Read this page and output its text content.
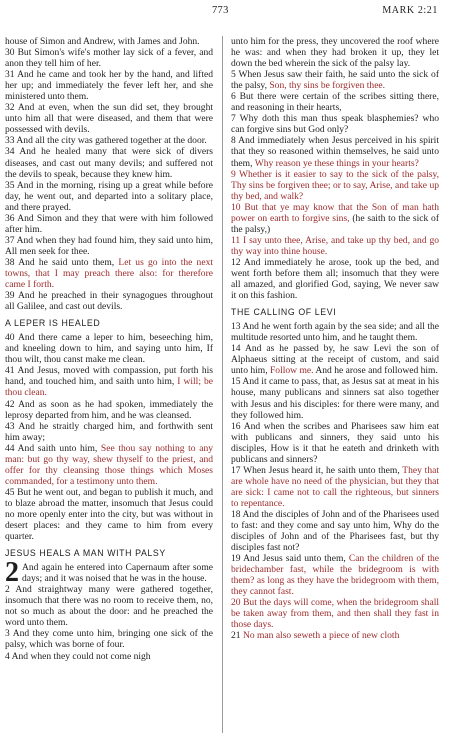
773	MARK 2:21

house of Simon and Andrew, with James and John.

30 But Simon's wife's mother lay sick of a fever, and anon they tell him of her.

31 And he came and took her by the hand, and lifted her up; and immediately the fever left her, and she ministered unto them.

32 And at even, when the sun did set, they brought unto him all that were diseased, and them that were possessed with devils.

33 And all the city was gathered together at the door.

34 And he healed many that were sick of divers diseases, and cast out many devils; and suffered not the devils to speak, because they knew him.

35 And in the morning, rising up a great while before day, he went out, and departed into a solitary place, and there prayed.

36 And Simon and they that were with him followed after him.

37 And when they had found him, they said unto him, All men seek for thee.

38 And he said unto them, Let us go into the next towns, that I may preach there also: for therefore came I forth.

39 And he preached in their synagogues throughout all Galilee, and cast out devils.

A LEPER IS HEALED

40 And there came a leper to him, beseeching him, and kneeling down to him, and saying unto him, If thou wilt, thou canst make me clean.

41 And Jesus, moved with compassion, put forth his hand, and touched him, and saith unto him, I will; be thou clean.

42 And as soon as he had spoken, immediately the leprosy departed from him, and he was cleansed.

43 And he straitly charged him, and forthwith sent him away;

44 And saith unto him, See thou say nothing to any man: but go thy way, shew thyself to the priest, and offer for thy cleansing those things which Moses commanded, for a testimony unto them.

45 But he went out, and began to publish it much, and to blaze abroad the matter, insomuch that Jesus could no more openly enter into the city, but was without in desert places: and they came to him from every quarter.

JESUS HEALS A MAN WITH PALSY

2 And again he entered into Capernaum after some days; and it was noised that he was in the house.

2 And straightway many were gathered together, insomuch that there was no room to receive them, no, not so much as about the door: and he preached the word unto them.

3 And they come unto him, bringing one sick of the palsy, which was borne of four.

4 And when they could not come nigh

unto him for the press, they uncovered the roof where he was: and when they had broken it up, they let down the bed wherein the sick of the palsy lay.

5 When Jesus saw their faith, he said unto the sick of the palsy, Son, thy sins be forgiven thee.

6 But there were certain of the scribes sitting there, and reasoning in their hearts,

7 Why doth this man thus speak blasphemies? who can forgive sins but God only?

8 And immediately when Jesus perceived in his spirit that they so reasoned within themselves, he said unto them, Why reason ye these things in your hearts?

9 Whether is it easier to say to the sick of the palsy, Thy sins be forgiven thee; or to say, Arise, and take up thy bed, and walk?

10 But that ye may know that the Son of man hath power on earth to forgive sins, (he saith to the sick of the palsy,)

11 I say unto thee, Arise, and take up thy bed, and go thy way into thine house.

12 And immediately he arose, took up the bed, and went forth before them all; insomuch that they were all amazed, and glorified God, saying, We never saw it on this fashion.

THE CALLING OF LEVI

13 And he went forth again by the sea side; and all the multitude resorted unto him, and he taught them.

14 And as he passed by, he saw Levi the son of Alphaeus sitting at the receipt of custom, and said unto him, Follow me. And he arose and followed him.

15 And it came to pass, that, as Jesus sat at meat in his house, many publicans and sinners sat also together with Jesus and his disciples: for there were many, and they followed him.

16 And when the scribes and Pharisees saw him eat with publicans and sinners, they said unto his disciples, How is it that he eateth and drinketh with publicans and sinners?

17 When Jesus heard it, he saith unto them, They that are whole have no need of the physician, but they that are sick: I came not to call the righteous, but sinners to repentance.

18 And the disciples of John and of the Pharisees used to fast: and they come and say unto him, Why do the disciples of John and of the Pharisees fast, but thy disciples fast not?

19 And Jesus said unto them, Can the children of the bridechamber fast, while the bridegroom is with them? as long as they have the bridegroom with them, they cannot fast.

20 But the days will come, when the bridegroom shall be taken away from them, and then shall they fast in those days.

21 No man also seweth a piece of new cloth
